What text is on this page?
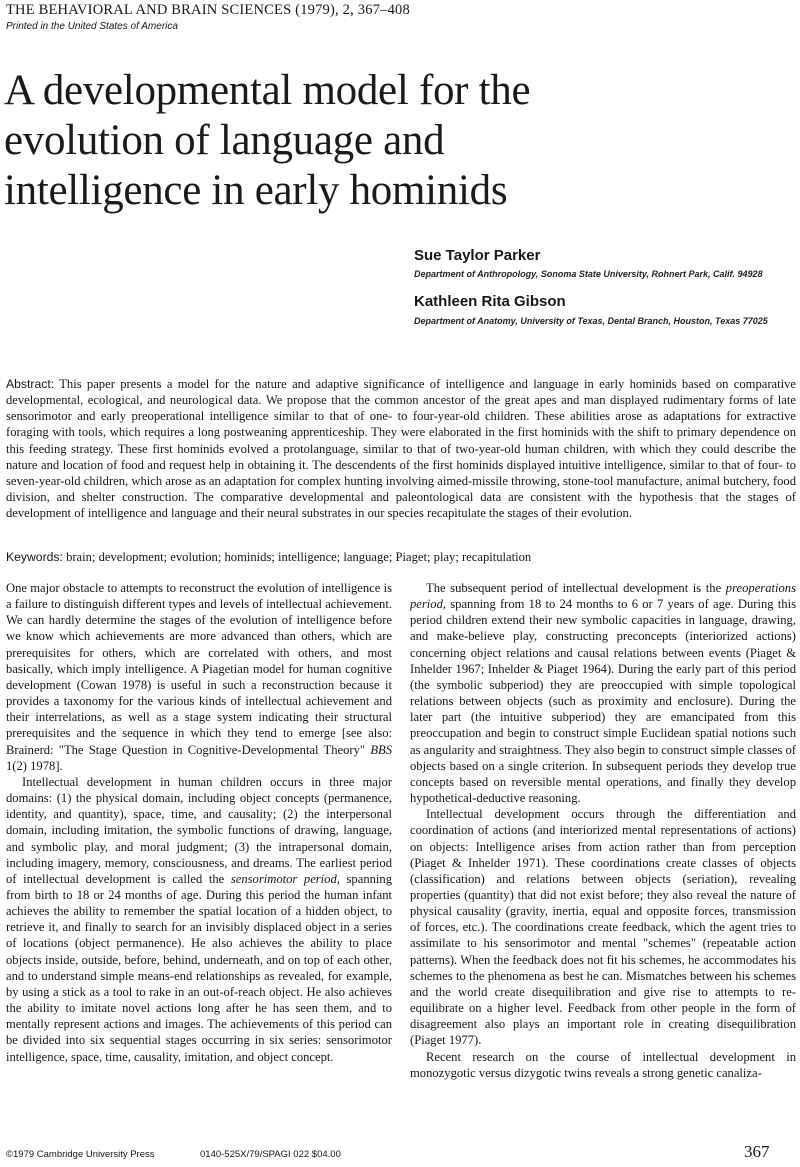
THE BEHAVIORAL AND BRAIN SCIENCES (1979), 2, 367–408
Printed in the United States of America
A developmental model for the
evolution of language and
intelligence in early hominids
Sue Taylor Parker
Department of Anthropology, Sonoma State University, Rohnert Park, Calif. 94928
Kathleen Rita Gibson
Department of Anatomy, University of Texas, Dental Branch, Houston, Texas 77025

Abstract: This paper presents a model for the nature and adaptive significance of intelligence and language in early hominids based on comparative developmental, ecological, and neurological data. We propose that the common ancestor of the great apes and man displayed rudimentary forms of late sensorimotor and early preoperational intelligence similar to that of one- to four-year-old children. These abilities arose as adaptations for extractive foraging with tools, which requires a long postweaning apprenticeship. They were elaborated in the first hominids with the shift to primary dependence on this feeding strategy. These first hominids evolved a protolanguage, similar to that of two-year-old human children, with which they could describe the nature and location of food and request help in obtaining it. The descendents of the first hominids displayed intuitive intelligence, similar to that of four- to seven-year-old children, which arose as an adaptation for complex hunting involving aimed-missile throwing, stone-tool manufacture, animal butchery, food division, and shelter construction. The comparative developmental and paleontological data are consistent with the hypothesis that the stages of development of intelligence and language and their neural substrates in our species recapitulate the stages of their evolution.

Keywords: brain; development; evolution; hominids; intelligence; language; Piaget; play; recapitulation

One major obstacle to attempts to reconstruct the evolution of intelligence is a failure to distinguish different types and levels of intellectual achievement. We can hardly determine the stages of the evolution of intelligence before we know which achievements are more advanced than others, which are prerequisites for others, which are correlated with others, and most basically, which imply intelligence. A Piagetian model for human cognitive development (Cowan 1978) is useful in such a reconstruction because it provides a taxonomy for the various kinds of intellectual achievement and their interrelations, as well as a stage system indicating their structural prerequisites and the sequence in which they tend to emerge [see also: Brainerd: "The Stage Question in Cognitive-Developmental Theory" BBS 1(2) 1978].

Intellectual development in human children occurs in three major domains: (1) the physical domain, including object concepts (permanence, identity, and quantity), space, time, and causality; (2) the interpersonal domain, including imitation, the symbolic functions of drawing, language, and symbolic play, and moral judgment; (3) the intrapersonal domain, including imagery, memory, consciousness, and dreams. The earliest period of intellectual development is called the sensorimotor period, spanning from birth to 18 or 24 months of age. During this period the human infant achieves the ability to remember the spatial location of a hidden object, to retrieve it, and finally to search for an invisibly displaced object in a series of locations (object permanence). He also achieves the ability to place objects inside, outside, before, behind, underneath, and on top of each other, and to understand simple means-end relationships as revealed, for example, by using a stick as a tool to rake in an out-of-reach object. He also achieves the ability to imitate novel actions long after he has seen them, and to mentally represent actions and images. The achievements of this period can be divided into six sequential stages occurring in six series: sensorimotor intelligence, space, time, causality, imitation, and object concept.

The subsequent period of intellectual development is the preoperations period, spanning from 18 to 24 months to 6 or 7 years of age. During this period children extend their new symbolic capacities in language, drawing, and make-believe play, constructing preconcepts (interiorized actions) concerning object relations and causal relations between events (Piaget & Inhelder 1967; Inhelder & Piaget 1964). During the early part of this period (the symbolic subperiod) they are preoccupied with simple topological relations between objects (such as proximity and enclosure). During the later part (the intuitive subperiod) they are emancipated from this preoccupation and begin to construct simple Euclidean spatial notions such as angularity and straightness. They also begin to construct simple classes of objects based on a single criterion. In subsequent periods they develop true concepts based on reversible mental operations, and finally they develop hypothetical-deductive reasoning.

Intellectual development occurs through the differentiation and coordination of actions (and interiorized mental representations of actions) on objects: Intelligence arises from action rather than from perception (Piaget & Inhelder 1971). These coordinations create classes of objects (classification) and relations between objects (seriation), revealing properties (quantity) that did not exist before; they also reveal the nature of physical causality (gravity, inertia, equal and opposite forces, transmission of forces, etc.). The coordinations create feedback, which the agent tries to assimilate to his sensorimotor and mental "schemes" (repeatable action patterns). When the feedback does not fit his schemes, he accommodates his schemes to the phenomena as best he can. Mismatches between his schemes and the world create disequilibration and give rise to attempts to re-equilibrate on a higher level. Feedback from other people in the form of disagreement also plays an important role in creating disequilibration (Piaget 1977).

Recent research on the course of intellectual development in monozygotic versus dizygotic twins reveals a strong genetic canaliza-

©1979 Cambridge University Press	0140-525X/79/SPAGI 022 $04.00	367
